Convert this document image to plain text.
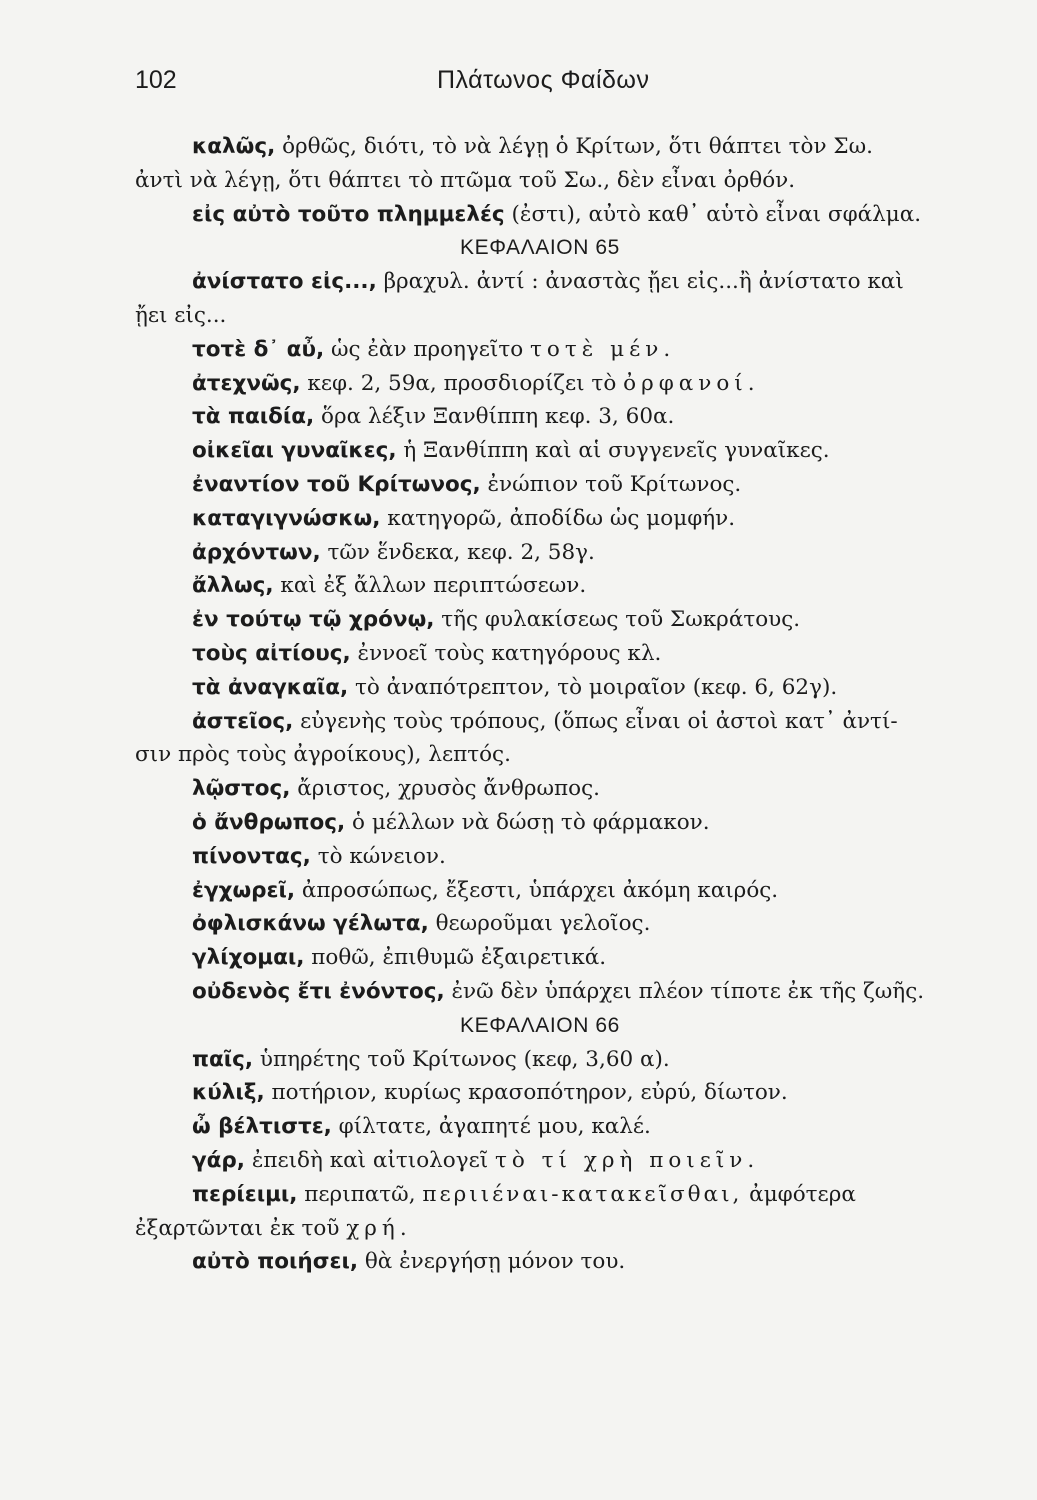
102	Πλάτωνος Φαίδων
καλῶς, ὀρθῶς, διότι, τὸ νὰ λέγῃ ὁ Κρίτων, ὅτι θάπτει τὸν Σω.
ἀντὶ νὰ λέγῃ, ὅτι θάπτει τὸ πτῶμα τοῦ Σω., δὲν εἶναι ὀρθόν.
εἰς αὐτὸ τοῦτο πλημμελές (ἐστι), αὐτὸ καθ᾿ αὑτὸ εἶναι σφάλμα.
ΚΕΦΑΛΑΙΟΝ 65
ἀνίστατο εἰς..., βραχυλ. ἀντί : ἀναστὰς ᾔει εἰς...ἢ ἀνίστατο καὶ
ᾔει εἰς...
τοτὲ δ᾿ αὖ, ὡς ἐὰν προηγεῖτο τοτὲ μέν.
ἀτεχνῶς, κεφ. 2, 59α, προσδιορίζει τὸ ὀρφανοί.
τὰ παιδία, ὅρα λέξιν Ξανθίππη κεφ. 3, 60α.
οἰκεῖαι γυναῖκες, ἡ Ξανθίππη καὶ αἱ συγγενεῖς γυναῖκες.
ἐναντίον τοῦ Κρίτωνος, ἐνώπιον τοῦ Κρίτωνος.
καταγιγνώσκω, κατηγορῶ, ἀποδίδω ὡς μομφήν.
ἀρχόντων, τῶν ἕνδεκα, κεφ. 2, 58γ.
ἄλλως, καὶ ἐξ ἄλλων περιπτώσεων.
ἐν τούτῳ τῷ χρόνῳ, τῆς φυλακίσεως τοῦ Σωκράτους.
τοὺς αἰτίους, ἐννοεῖ τοὺς κατηγόρους κλ.
τὰ ἀναγκαῖα, τὸ ἀναπότρεπτον, τὸ μοιραῖον (κεφ. 6, 62γ).
ἀστεῖος, εὐγενὴς τοὺς τρόπους, (ὅπως εἶναι οἱ ἀστοὶ κατ᾿ ἀντί-
σιν πρὸς τοὺς ἀγροίκους), λεπτός.
λῷστος, ἄριστος, χρυσὸς ἄνθρωπος.
ὁ ἄνθρωπος, ὁ μέλλων νὰ δώσῃ τὸ φάρμακον.
πίνοντας, τὸ κώνειον.
ἐγχωρεῖ, ἀπροσώπως, ἔξεστι, ὑπάρχει ἀκόμη καιρός.
ὀφλισκάνω γέλωτα, θεωροῦμαι γελοῖος.
γλίχομαι, ποθῶ, ἐπιθυμῶ ἐξαιρετικά.
οὐδενὸς ἔτι ἐνόντος, ἐνῶ δὲν ὑπάρχει πλέον τίποτε ἐκ τῆς ζωῆς.
ΚΕΦΑΛΑΙΟΝ 66
παῖς, ὑπηρέτης τοῦ Κρίτωνος (κεφ, 3,60 α).
κύλιξ, ποτήριον, κυρίως κρασοπότηρον, εὐρύ, δίωτον.
ὦ βέλτιστε, φίλτατε, ἀγαπητέ μου, καλέ.
γάρ, ἐπειδὴ καὶ αἰτιολογεῖ τὸ τί χρὴ ποιεῖν.
περίειμι, περιπατῶ, περιιέναι-κατακεῖσθαι, ἀμφότερα
ἐξαρτῶνται ἐκ τοῦ χρή.
αὐτὸ ποιήσει, θὰ ἐνεργήσῃ μόνον του.
